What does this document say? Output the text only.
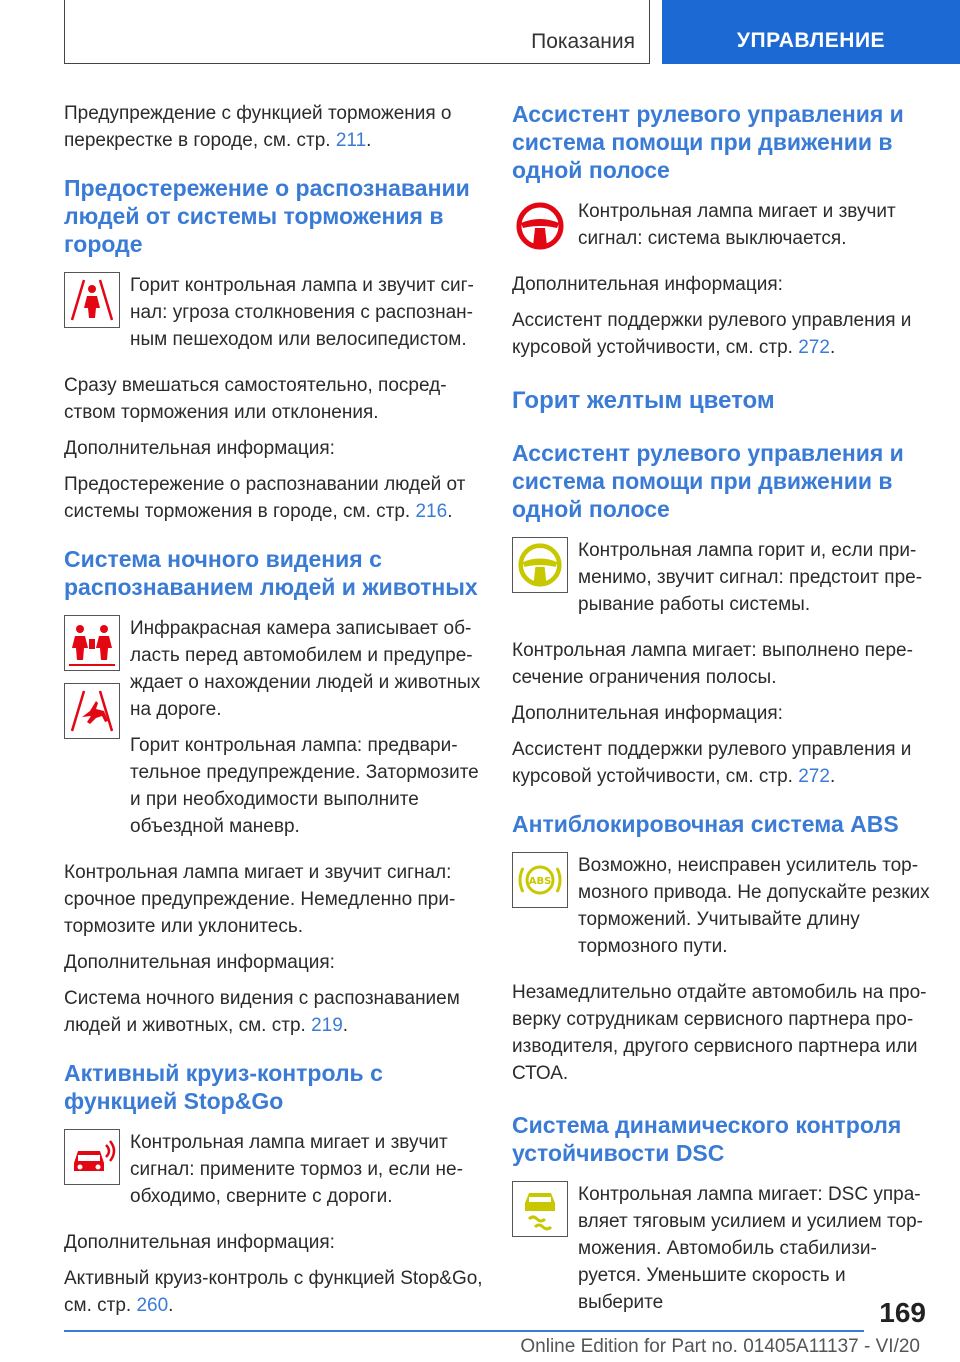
Показания	УПРАВЛЕНИЕ

Предупреждение с функцией торможения о перекрестке в городе, см. стр. 211.

Предостережение о распознавании людей от системы торможения в городе

Горит контрольная лампа и звучит сигнал: угроза столкновения с распознанным пешеходом или велосипедистом.

Сразу вмешаться самостоятельно, посредством торможения или отклонения.

Дополнительная информация:

Предостережение о распознавании людей от системы торможения в городе, см. стр. 216.

Система ночного видения с распознаванием людей и животных

Инфракрасная камера записывает область перед автомобилем и предупреждает о нахождении людей и животных на дороге.

Горит контрольная лампа: предварительное предупреждение. Затормозите и при необходимости выполните объездной маневр.

Контрольная лампа мигает и звучит сигнал: срочное предупреждение. Немедленно притормозите или уклонитесь.

Дополнительная информация:

Система ночного видения с распознаванием людей и животных, см. стр. 219.

Активный круиз-контроль с функцией Stop&Go

Контрольная лампа мигает и звучит сигнал: примените тормоз и, если необходимо, сверните с дороги.

Дополнительная информация:

Активный круиз-контроль с функцией Stop&Go, см. стр. 260.

Ассистент рулевого управления и система помощи при движении в одной полосе

Контрольная лампа мигает и звучит сигнал: система выключается.

Дополнительная информация:

Ассистент поддержки рулевого управления и курсовой устойчивости, см. стр. 272.

Горит желтым цветом
Ассистент рулевого управления и система помощи при движении в одной полосе

Контрольная лампа горит и, если применимо, звучит сигнал: предстоит прерывание работы системы.

Контрольная лампа мигает: выполнено пересечение ограничения полосы.

Дополнительная информация:

Ассистент поддержки рулевого управления и курсовой устойчивости, см. стр. 272.

Антиблокировочная система ABS
ABS

Возможно, неисправен усилитель тормозного привода. Не допускайте резких торможений. Учитывайте длину тормозного пути.

Незамедлительно отдайте автомобиль на проверку сотрудникам сервисного партнера производителя, другого сервисного партнера или СТОА.

Система динамического контроля устойчивости DSC

Контрольная лампа мигает: DSC управляет тяговым усилием и усилием торможения. Автомобиль стабилизируется. Уменьшите скорость и выберите	169
Online Edition for Part no. 01405A11137 - VI/20
